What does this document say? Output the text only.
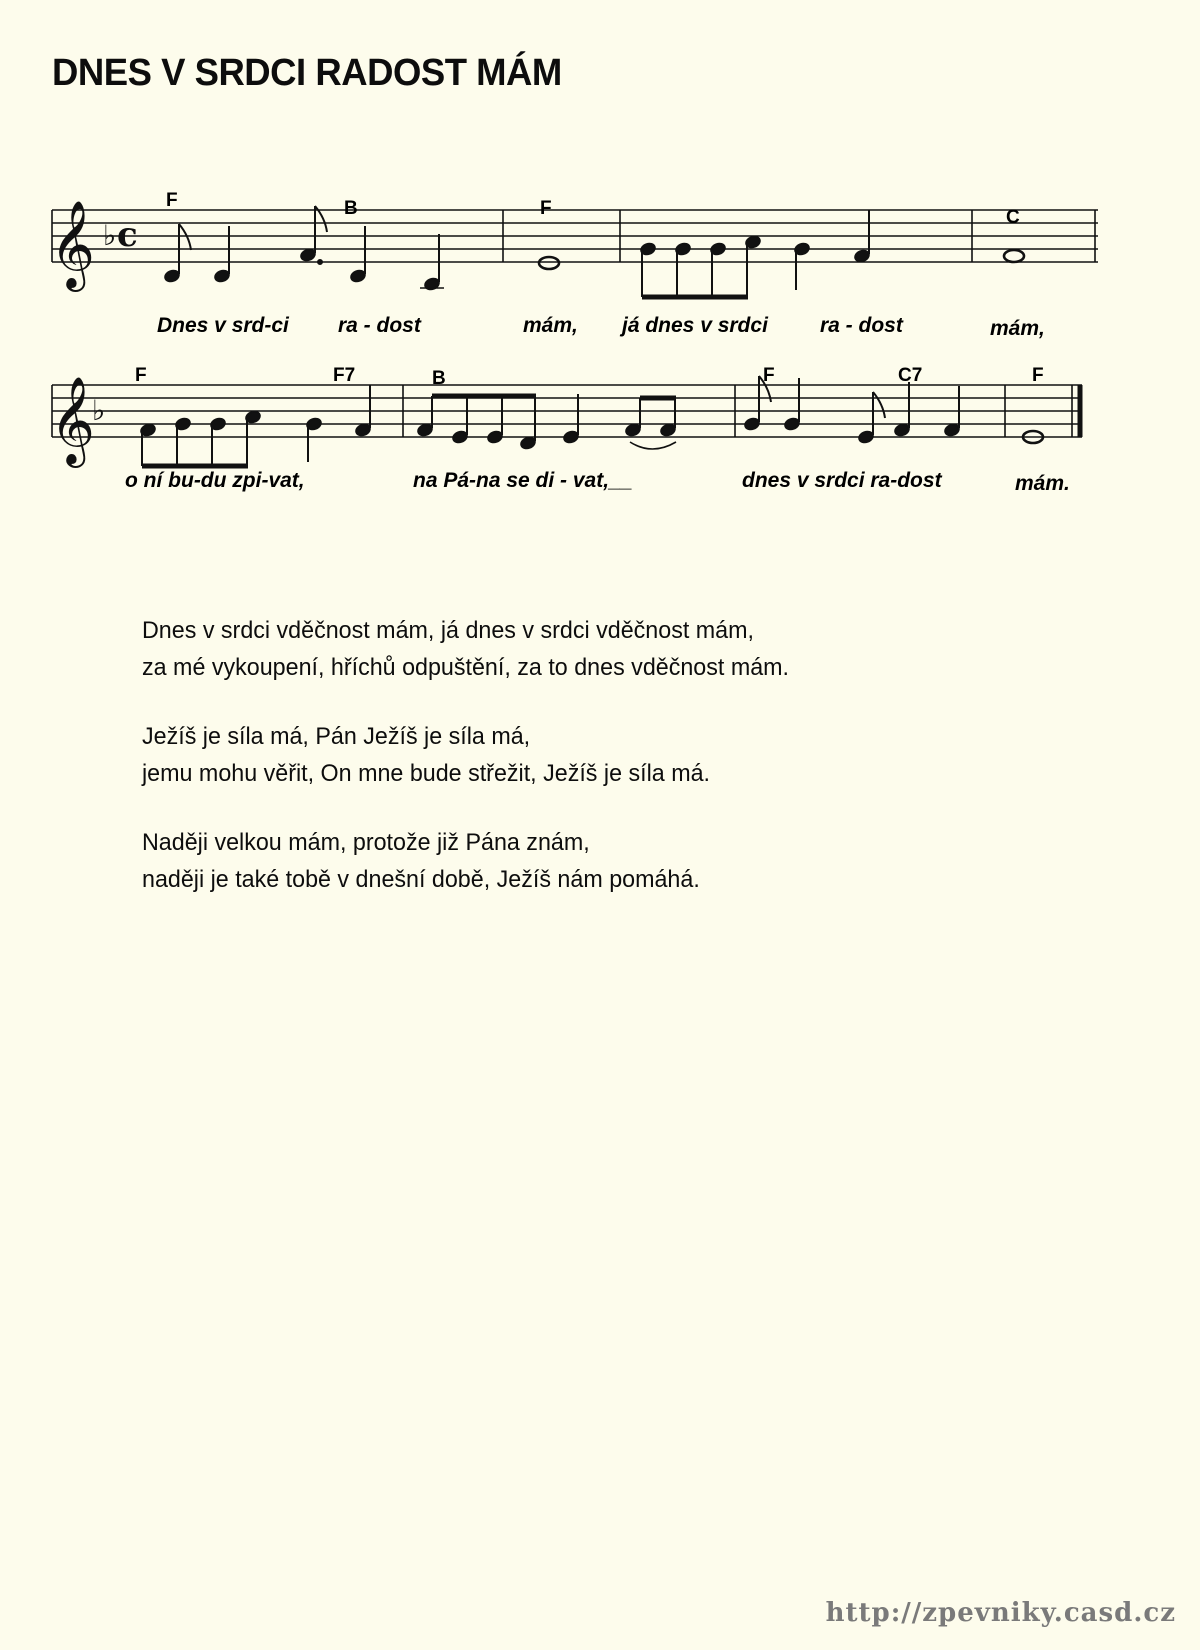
DNES V SRDCI RADOST MÁM
𝄞 ♭ c
F	B	F	C
Dnes v srd-ci ra - dost	mám, já dnes v srdci ra - dost	mám,
𝄞
♭
F	F7	B	F	C7	F
o ní bu-du zpi-vat,	na Pá-na se di - vat,__	dnes v srdci ra-dost	mám.
Dnes v srdci vděčnost mám, já dnes v srdci vděčnost mám,
za mé vykoupení, hříchů odpuštění, za to dnes vděčnost mám.
Ježíš je síla má, Pán Ježíš je síla má,
jemu mohu věřit, On mne bude střežit, Ježíš je síla má.
Naději velkou mám, protože již Pána znám,
naději je také tobě v dnešní době, Ježíš nám pomáhá.
http://zpevniky.casd.cz
